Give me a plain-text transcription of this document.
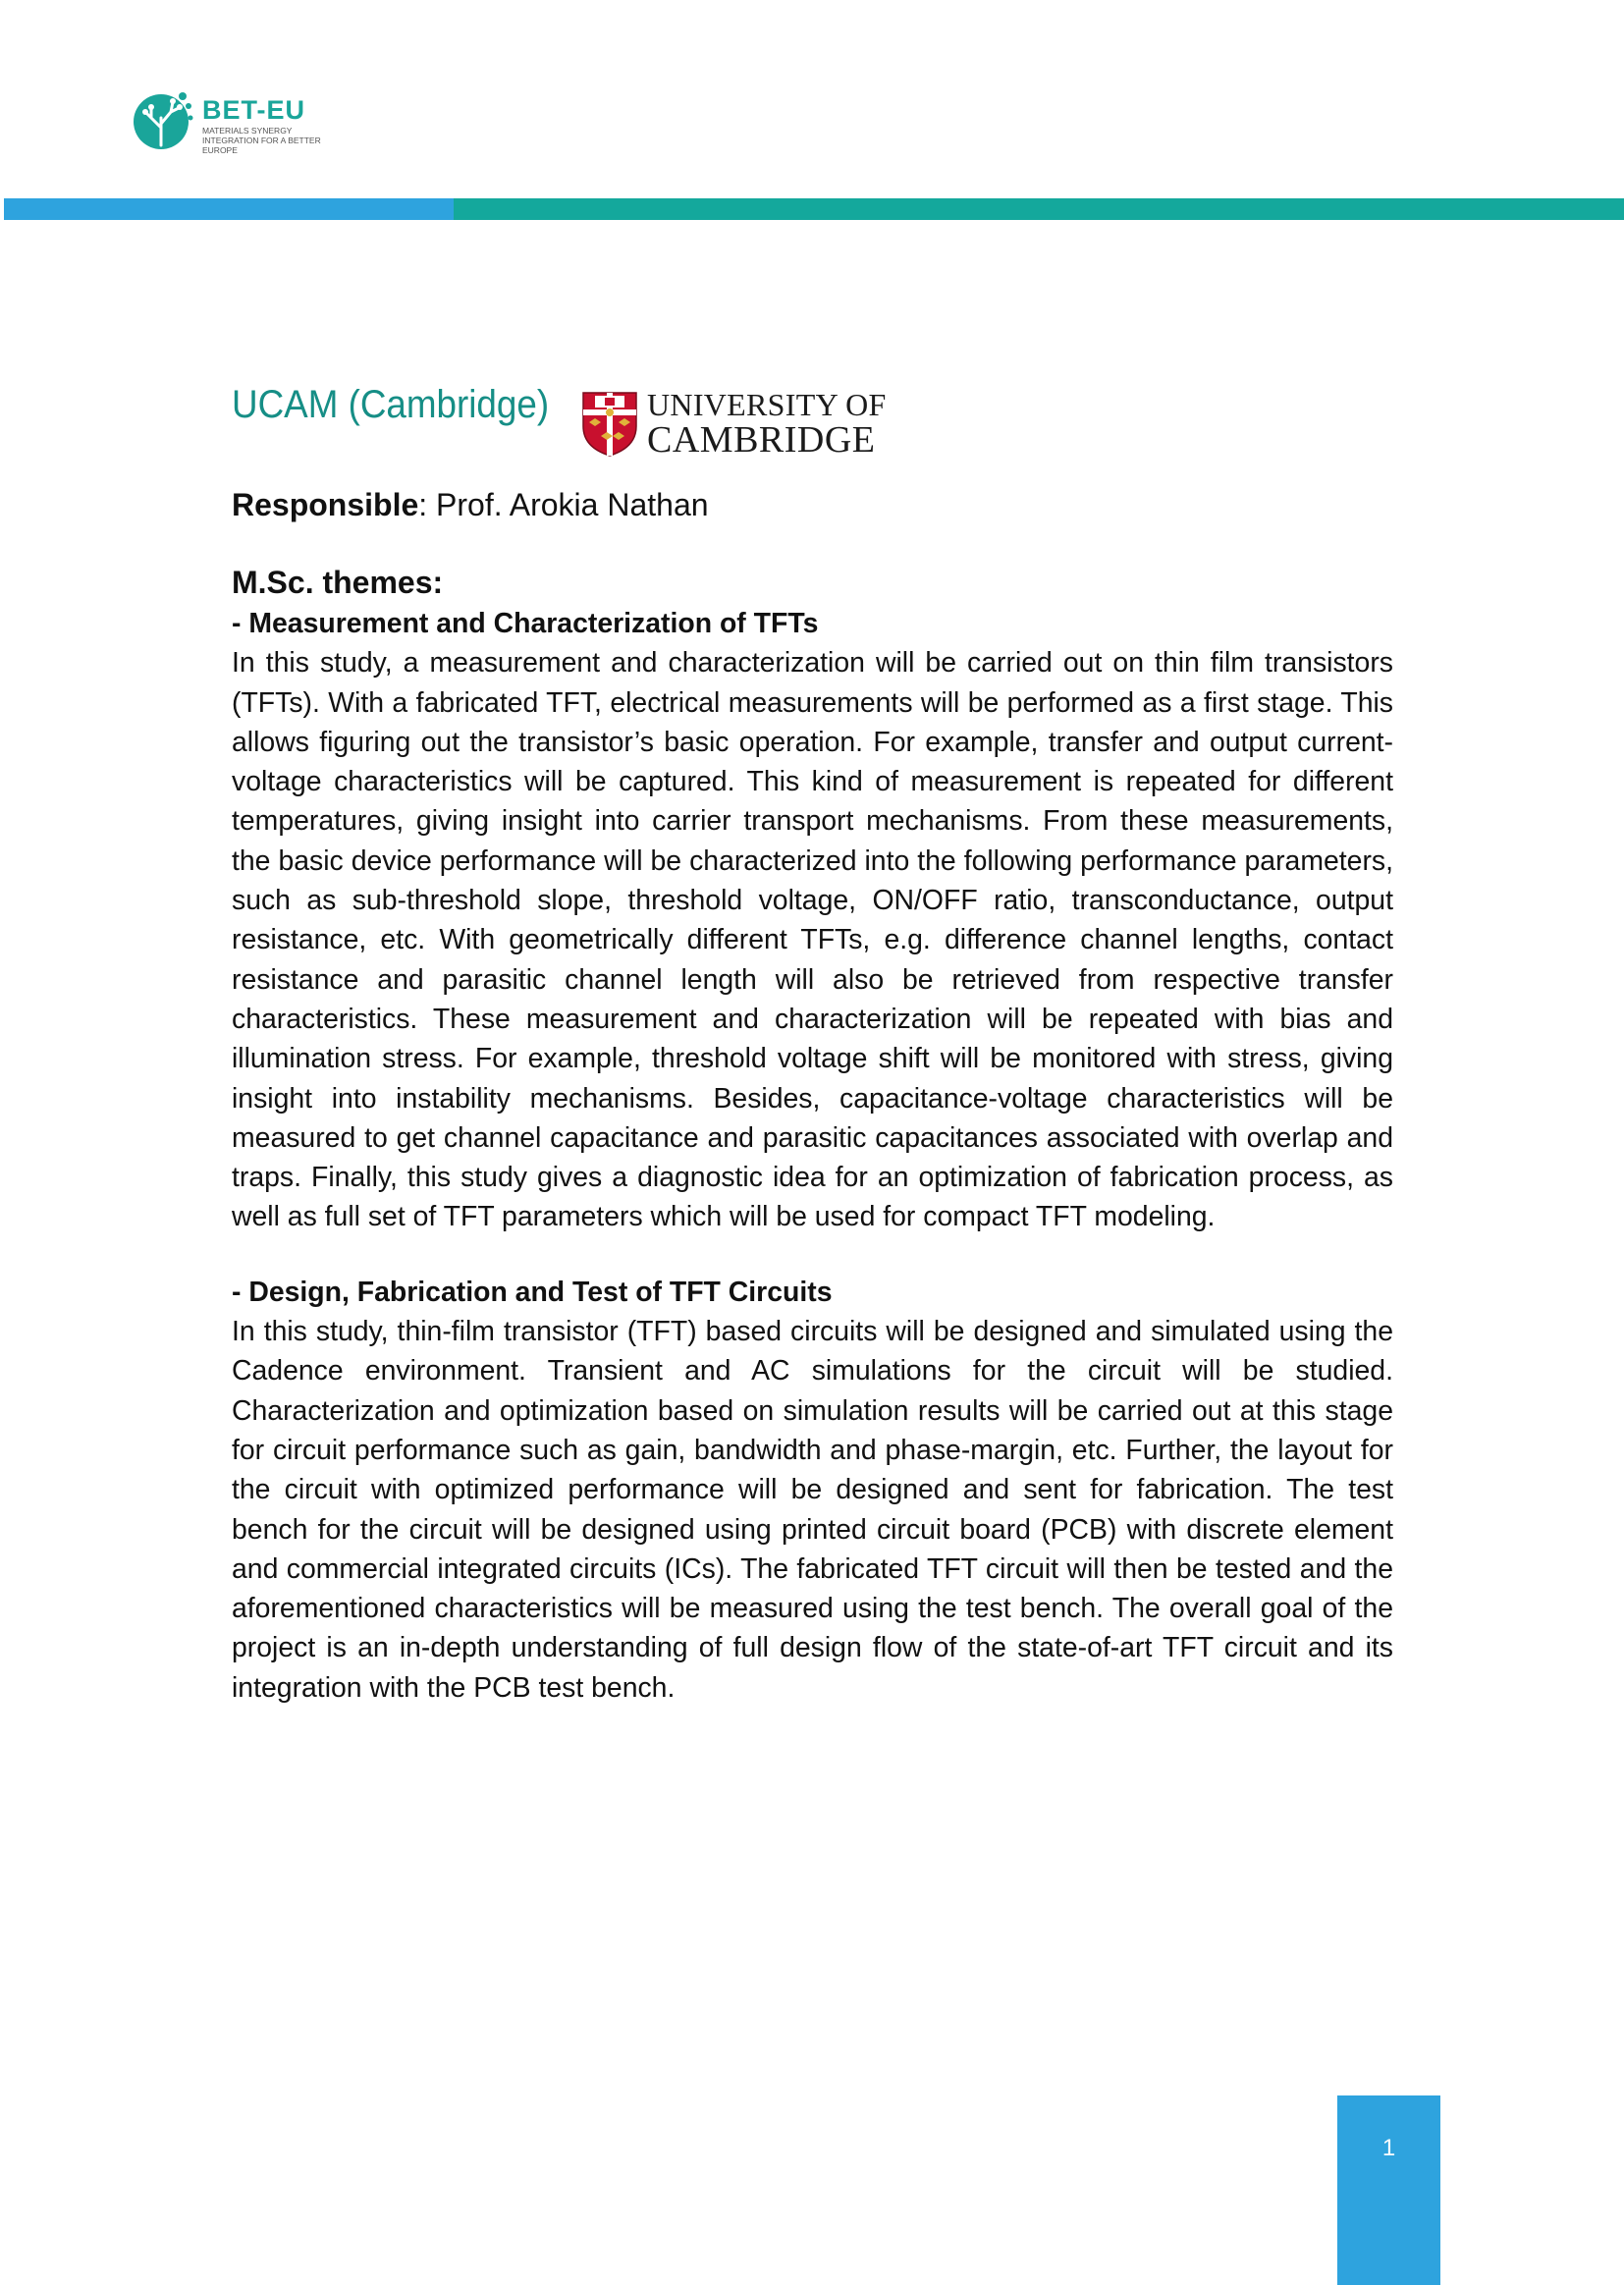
BET-EU
MATERIALS SYNERGY INTEGRATION FOR A BETTER EUROPE
UCAM (Cambridge)	UNIVERSITY OF
CAMBRIDGE

Responsible: Prof. Arokia Nathan

M.Sc. themes:

- Measurement and Characterization of TFTs

In this study, a measurement and characterization will be carried out on thin film transistors (TFTs). With a fabricated TFT, electrical measurements will be performed as a first stage. This allows figuring out the transistor’s basic operation. For example, transfer and output current-voltage characteristics will be captured. This kind of measurement is repeated for different temperatures, giving insight into carrier transport mechanisms. From these measurements, the basic device performance will be characterized into the following performance parameters, such as sub-threshold slope, threshold voltage, ON/OFF ratio, transconductance, output resistance, etc. With geometrically different TFTs, e.g. difference channel lengths, contact resistance and parasitic channel length will also be retrieved from respective transfer characteristics. These measurement and characterization will be repeated with bias and illumination stress. For example, threshold voltage shift will be monitored with stress, giving insight into instability mechanisms. Besides, capacitance-voltage characteristics will be measured to get channel capacitance and parasitic capacitances associated with overlap and traps. Finally, this study gives a diagnostic idea for an optimization of fabrication process, as well as full set of TFT parameters which will be used for compact TFT modeling.

- Design, Fabrication and Test of TFT Circuits

In this study, thin-film transistor (TFT) based circuits will be designed and simulated using the Cadence environment. Transient and AC simulations for the circuit will be studied. Characterization and optimization based on simulation results will be carried out at this stage for circuit performance such as gain, bandwidth and phase-margin, etc. Further, the layout for the circuit with optimized performance will be designed and sent for fabrication. The test bench for the circuit will be designed using printed circuit board (PCB) with discrete element and commercial integrated circuits (ICs). The fabricated TFT circuit will then be tested and the aforementioned characteristics will be measured using the test bench. The overall goal of the project is an in-depth understanding of full design flow of the state-of-art TFT circuit and its integration with the PCB test bench.

1
